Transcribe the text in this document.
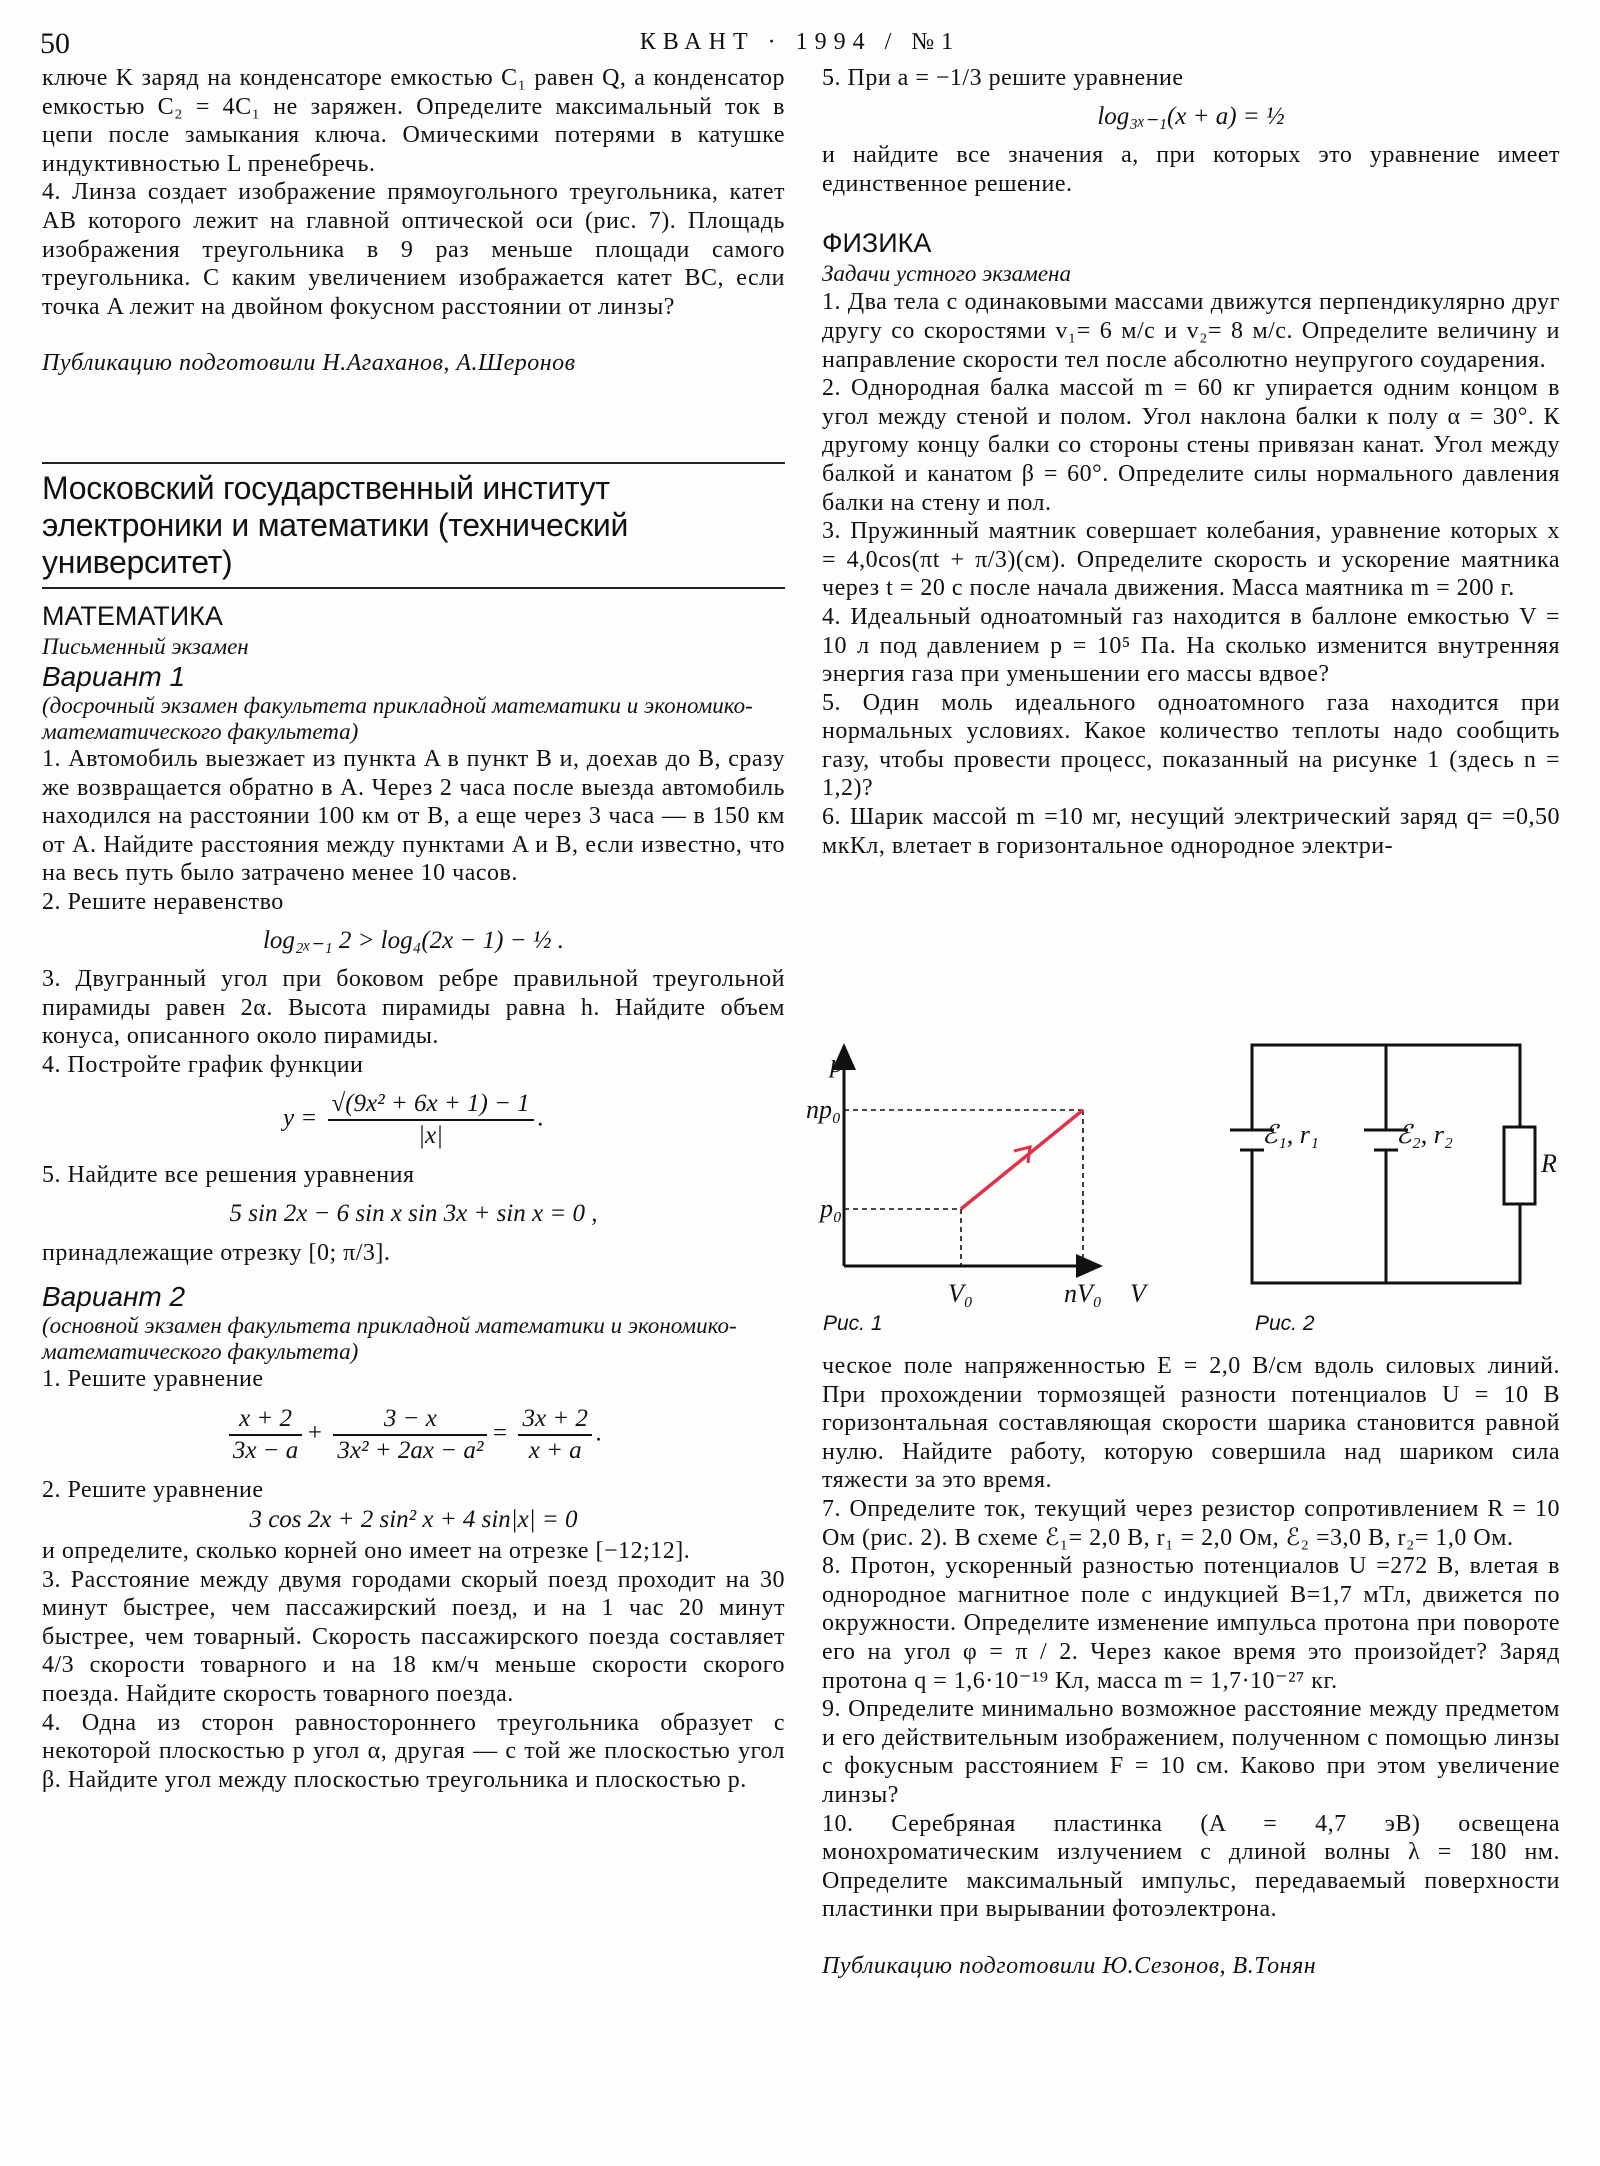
50	КВАНТ · 1994 / №1

ключе K заряд на конденсаторе емкостью C₁ равен Q, а конденсатор емкостью C₂ = 4C₁ не заряжен. Определите максимальный ток в цепи после замыкания ключа. Омическими потерями в катушке индуктивностью L пренебречь.

4. Линза создает изображение прямоугольного треугольника, катет AB которого лежит на главной оптической оси (рис. 7). Площадь изображения треугольника в 9 раз меньше площади самого треугольника. С каким увеличением изображается катет BC, если точка A лежит на двойном фокусном расстоянии от линзы?

Публикацию подготовили Н.Агаханов, А.Шеронов

Московский государственный институт электроники и математики (технический университет)
МАТЕМАТИКА
Письменный экзамен
Вариант 1
(досрочный экзамен факультета прикладной математики и экономико-математического факультета)

1. Автомобиль выезжает из пункта A в пункт B и, доехав до B, сразу же возвращается обратно в A. Через 2 часа после выезда автомобиль находился на расстоянии 100 км от B, а еще через 3 часа — в 150 км от A. Найдите расстояния между пунктами A и B, если известно, что на весь путь было затрачено менее 10 часов.

2. Решите неравенство

log₂ₓ₋₁ 2 > log₄(2x − 1) − ½ .

3. Двугранный угол при боковом ребре правильной треугольной пирамиды равен 2α. Высота пирамиды равна h. Найдите объем конуса, описанного около пирамиды.

4. Постройте график функции

$y = \frac{\text{√(9x² + 6x + 1) − 1}}{|x|}$ .

5. Найдите все решения уравнения

5 sin 2x − 6 sin x sin 3x + sin x = 0 ,

принадлежащие отрезку [0; π/3].

Вариант 2
(основной экзамен факультета прикладной математики и экономико-математического факультета)

1. Решите уравнение

$\frac{x + 2}{3x - a} + \frac{3 - x}{\text{3x² + 2ax − a²}} = \frac{3x + 2}{x + a}$ .

2. Решите уравнение

3 cos 2x + 2 sin² x + 4 sin|x| = 0

и определите, сколько корней оно имеет на отрезке [−12;12].

3. Расстояние между двумя городами скорый поезд проходит на 30 минут быстрее, чем пассажирский поезд, и на 1 час 20 минут быстрее, чем товарный. Скорость пассажирского поезда составляет 4/3 скорости товарного и на 18 км/ч меньше скорости скорого поезда. Найдите скорость товарного поезда.

4. Одна из сторон равностороннего треугольника образует с некоторой плоскостью p угол α, другая — с той же плоскостью угол β. Найдите угол между плоскостью треугольника и плоскостью p.

5. При a = −1/3 решите уравнение

log₃ₓ₋₁(x + a) = ½

и найдите все значения a, при которых это уравнение имеет единственное решение.

ФИЗИКА
Задачи устного экзамена

1. Два тела с одинаковыми массами движутся перпендикулярно друг другу со скоростями v₁= 6 м/с и v₂= 8 м/с. Определите величину и направление скорости тел после абсолютно неупругого соударения.

2. Однородная балка массой m = 60 кг упирается одним концом в угол между стеной и полом. Угол наклона балки к полу α = 30°. К другому концу балки со стороны стены привязан канат. Угол между балкой и канатом β = 60°. Определите силы нормального давления балки на стену и пол.

3. Пружинный маятник совершает колебания, уравнение которых x = 4,0cos(πt + π/3)(см). Определите скорость и ускорение маятника через t = 20 с после начала движения. Масса маятника m = 200 г.

4. Идеальный одноатомный газ находится в баллоне емкостью V = 10 л под давлением p = 10⁵ Па. На сколько изменится внутренняя энергия газа при уменьшении его массы вдвое?

5. Один моль идеального одноатомного газа находится при нормальных условиях. Какое количество теплоты надо сообщить газу, чтобы провести процесс, показанный на рисунке 1 (здесь n = 1,2)?

6. Шарик массой m =10 мг, несущий электрический заряд q= =0,50 мкКл, влетает в горизонтальное однородное электри-

ческое поле напряженностью E = 2,0 В/см вдоль силовых линий. При прохождении тормозящей разности потенциалов U = 10 В горизонтальная составляющая скорости шарика становится равной нулю. Найдите работу, которую совершила над шариком сила тяжести за это время.

7. Определите ток, текущий через резистор сопротивлением R = 10 Ом (рис. 2). В схеме ℰ₁= 2,0 В, r₁ = 2,0 Ом, ℰ₂ =3,0 В, r₂= 1,0 Ом.

8. Протон, ускоренный разностью потенциалов U =272 В, влетая в однородное магнитное поле с индукцией B=1,7 мТл, движется по окружности. Определите изменение импульса протона при повороте его на угол φ = π / 2. Через какое время это произойдет? Заряд протона q = 1,6·10⁻¹⁹ Кл, масса m = 1,7·10⁻²⁷ кг.

9. Определите минимально возможное расстояние между предметом и его действительным изображением, полученном с помощью линзы с фокусным расстоянием F = 10 см. Каково при этом увеличение линзы?

10. Серебряная пластинка (A = 4,7 эВ) освещена монохроматическим излучением с длиной волны λ = 180 нм. Определите максимальный импульс, передаваемый поверхности пластинки при вырывании фотоэлектрона.

Публикацию подготовили Ю.Сезонов, В.Тонян

p
np₀
p₀
V₀	nV₀ V
Рис. 1
ℰ₁, r₁	ℰ₂, r₂
R
Рис. 2
